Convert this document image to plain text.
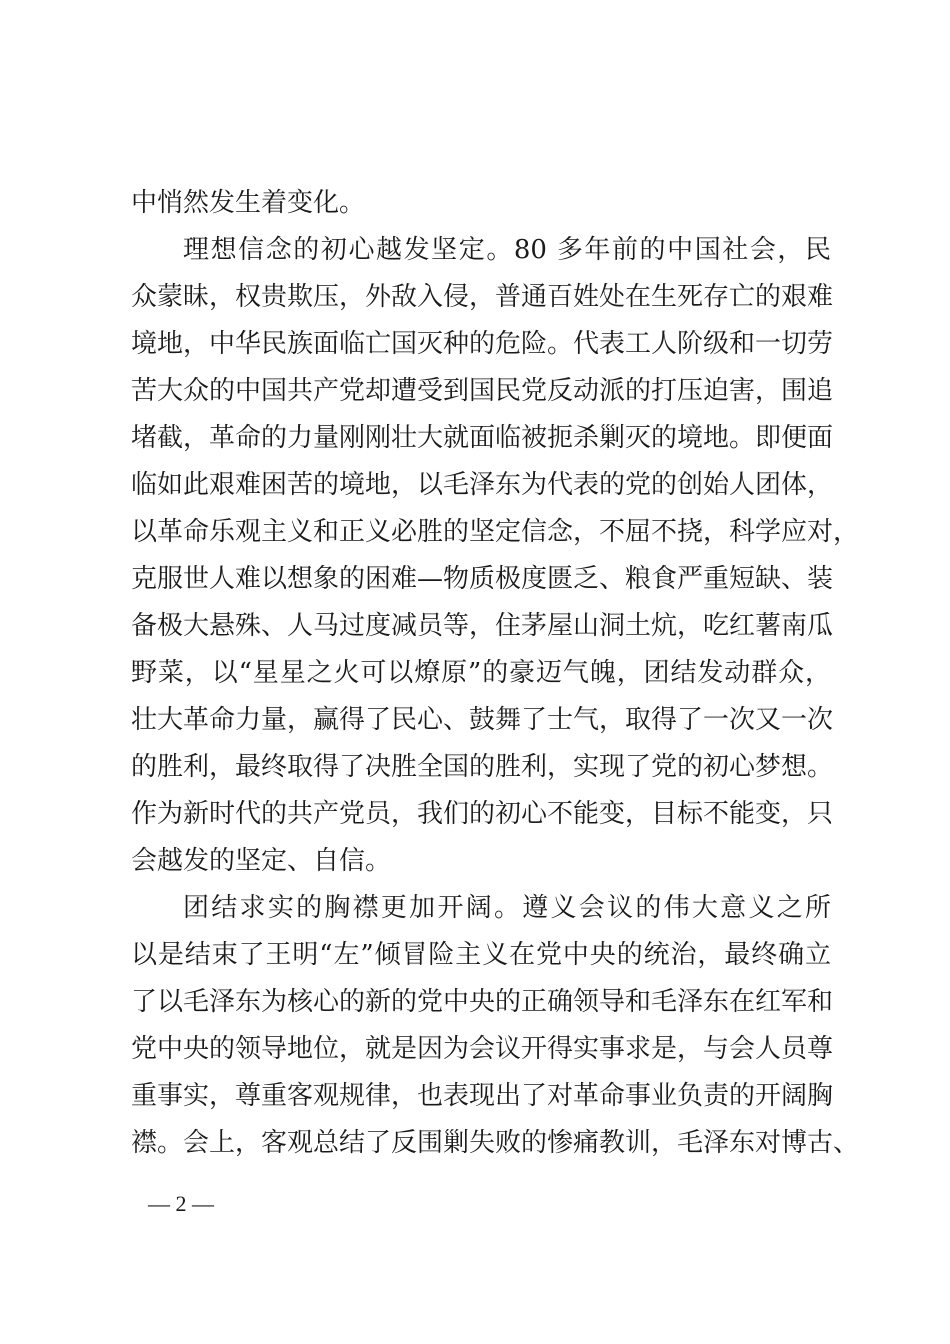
中悄然发生着变化。
理想信念的初心越发坚定。80 多年前的中国社会，民
众蒙昧，权贵欺压，外敌入侵，普通百姓处在生死存亡的艰难
境地，中华民族面临亡国灭种的危险。代表工人阶级和一切劳
苦大众的中国共产党却遭受到国民党反动派的打压迫害，围追
堵截，革命的力量刚刚壮大就面临被扼杀剿灭的境地。即便面
临如此艰难困苦的境地，以毛泽东为代表的党的创始人团体，
以革命乐观主义和正义必胜的坚定信念，不屈不挠，科学应对，
克服世人难以想象的困难—物质极度匮乏、粮食严重短缺、装
备极大悬殊、人马过度减员等，住茅屋山洞土炕，吃红薯南瓜
野菜，以“星星之火可以燎原”的豪迈气魄，团结发动群众，
壮大革命力量，赢得了民心、鼓舞了士气，取得了一次又一次
的胜利，最终取得了决胜全国的胜利，实现了党的初心梦想。
作为新时代的共产党员，我们的初心不能变，目标不能变，只
会越发的坚定、自信。
团结求实的胸襟更加开阔。遵义会议的伟大意义之所
以是结束了王明“左”倾冒险主义在党中央的统治，最终确立
了以毛泽东为核心的新的党中央的正确领导和毛泽东在红军和
党中央的领导地位，就是因为会议开得实事求是，与会人员尊
重事实，尊重客观规律，也表现出了对革命事业负责的开阔胸
襟。会上，客观总结了反围剿失败的惨痛教训，毛泽东对博古、
— 2 —
